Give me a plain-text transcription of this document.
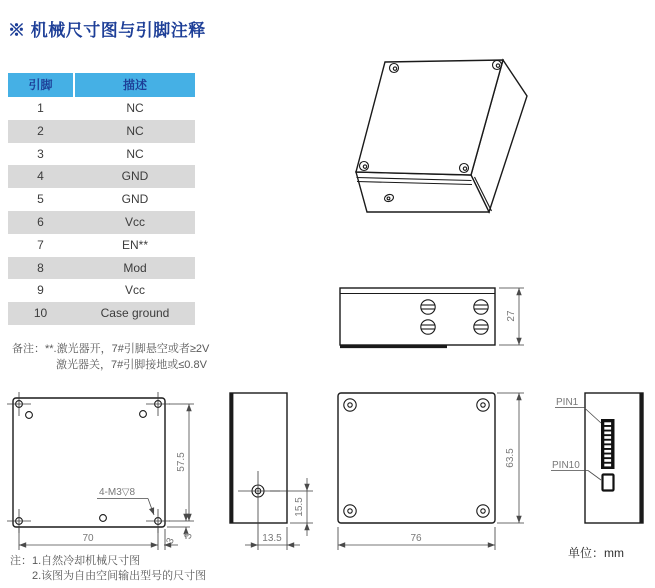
※ 机械尺寸图与引脚注释
引脚	描述
1	NC
2	NC
3	NC
4	GND
5	GND
6	Vcc
7	EN**
8	Mod
9	Vcc
10	Case ground
备注：**.激光器开，7#引脚悬空或者≥2V
激光器关，7#引脚接地或≤0.8V
27
57.5
70	3
3
4-M3▽8
13.5
15.5
63.5
76
PIN1
PIN10
注：1.自然冷却机械尺寸图
2.该图为自由空间输出型号的尺寸图
单位：mm
